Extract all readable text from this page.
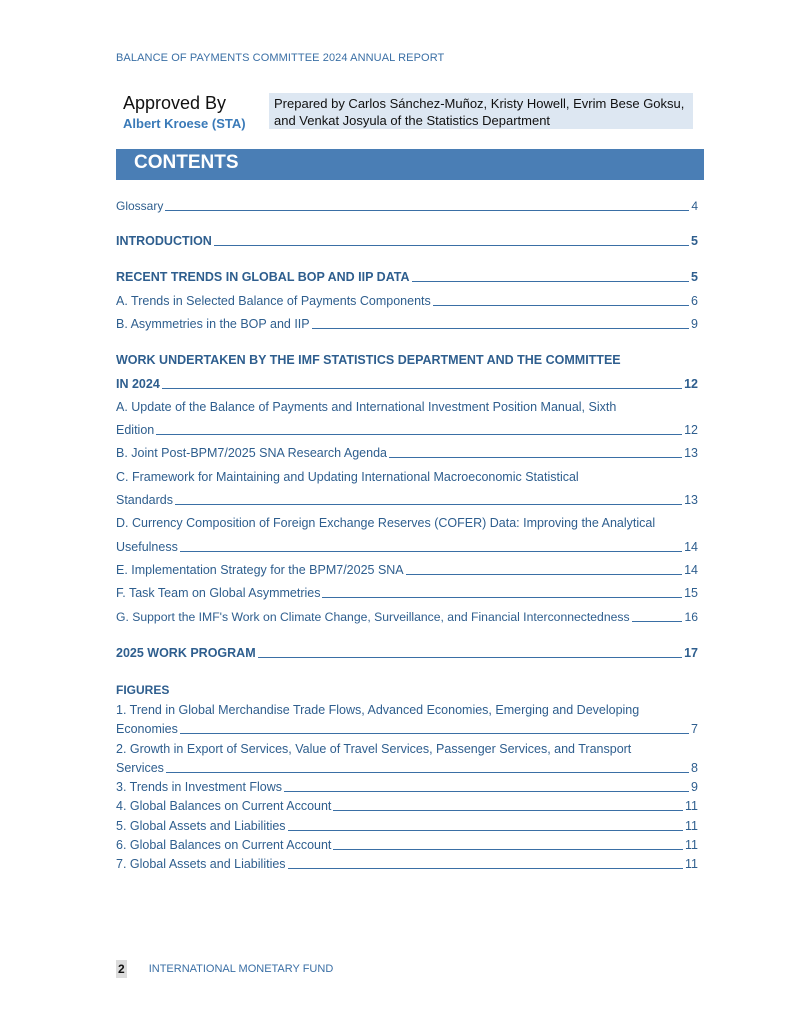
BALANCE OF PAYMENTS COMMITTEE 2024 ANNUAL REPORT
Approved By
Albert Kroese (STA)
Prepared by Carlos Sánchez-Muñoz, Kristy Howell, Evrim Bese Goksu,
and Venkat Josyula of the Statistics Department
CONTENTS
Glossary	4
INTRODUCTION	5
RECENT TRENDS IN GLOBAL BOP AND IIP DATA	5
A. Trends in Selected Balance of Payments Components	6
B. Asymmetries in the BOP and IIP	9
WORK UNDERTAKEN BY THE IMF STATISTICS DEPARTMENT AND THE COMMITTEE
IN 2024	12
A. Update of the Balance of Payments and International Investment Position Manual, Sixth
Edition	12
B. Joint Post-BPM7/2025 SNA Research Agenda	13
C. Framework for Maintaining and Updating International Macroeconomic Statistical
Standards	13
D. Currency Composition of Foreign Exchange Reserves (COFER) Data: Improving the Analytical
Usefulness	14
E. Implementation Strategy for the BPM7/2025 SNA	14
F. Task Team on Global Asymmetries	15
G. Support the IMF's Work on Climate Change, Surveillance, and Financial Interconnectedness	16
2025 WORK PROGRAM	17
FIGURES
1. Trend in Global Merchandise Trade Flows, Advanced Economies, Emerging and Developing
Economies	7
2. Growth in Export of Services, Value of Travel Services, Passenger Services, and Transport
Services	8
3. Trends in Investment Flows	9
4. Global Balances on Current Account	11
5. Global Assets and Liabilities	11
6. Global Balances on Current Account	11
7. Global Assets and Liabilities	11
2 INTERNATIONAL MONETARY FUND
